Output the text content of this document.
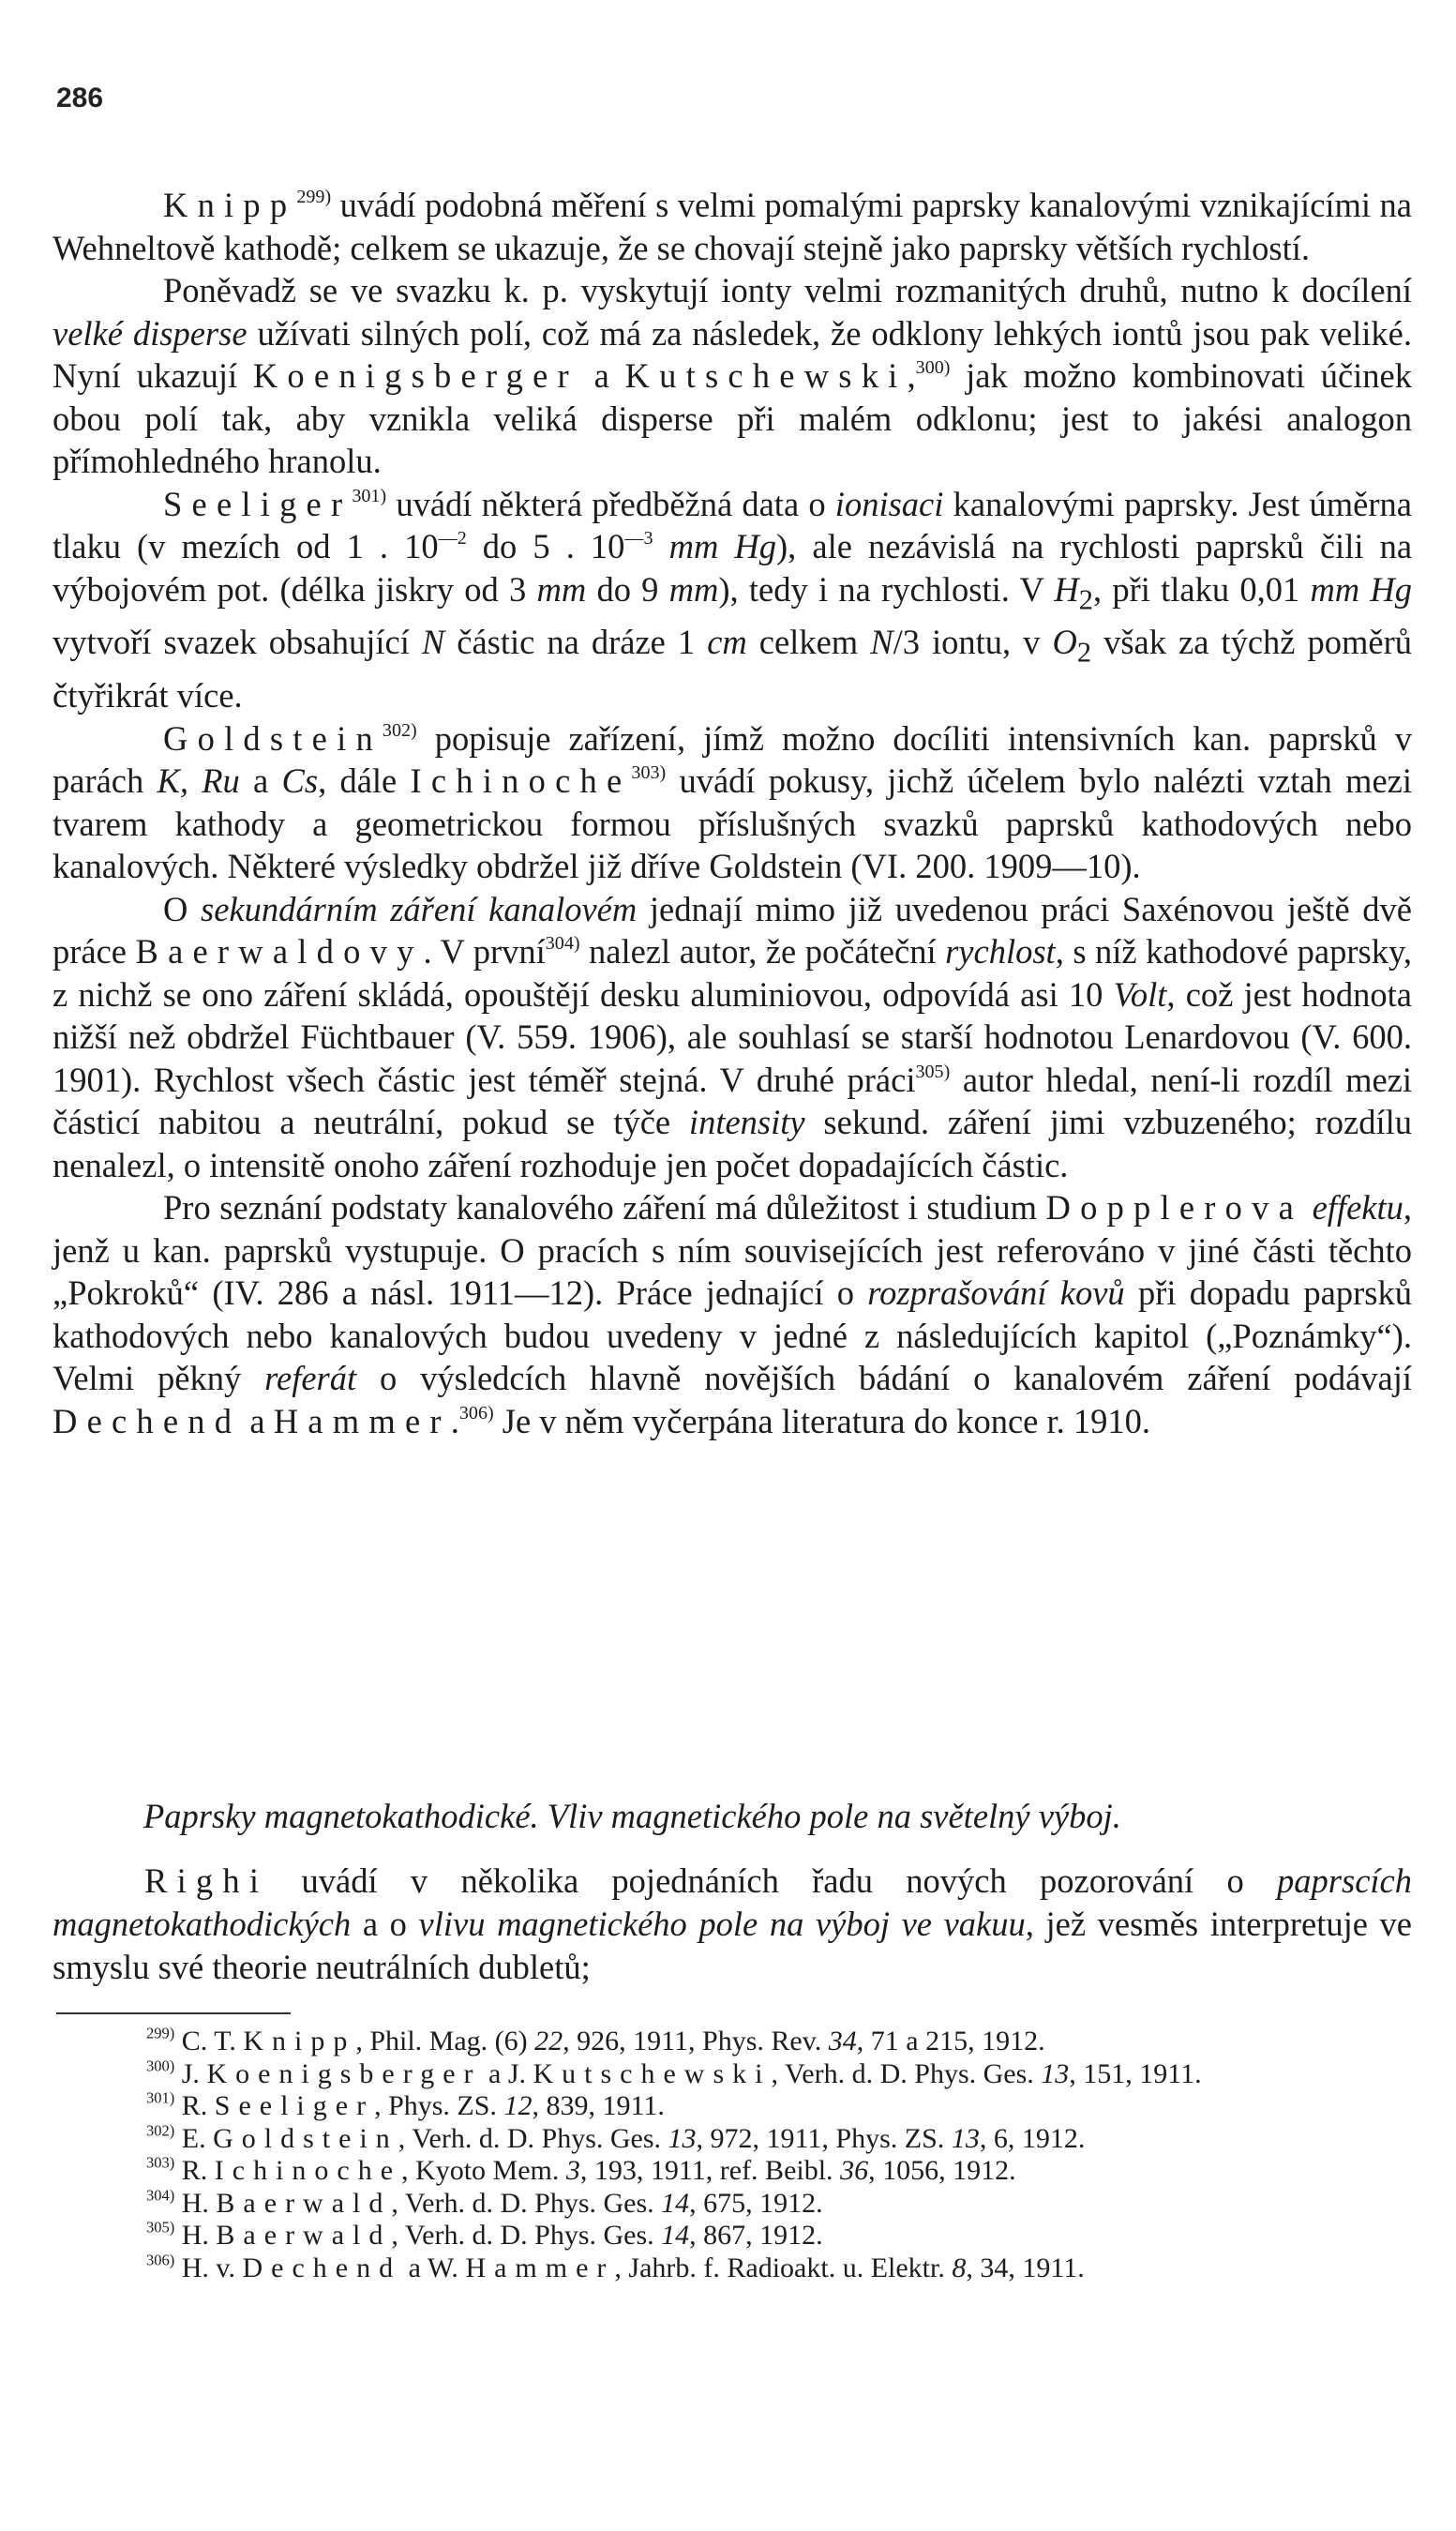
286

Knipp$^{299)}$ uvádí podobná měření s velmi pomalými paprsky kanalovými vznikajícími na Wehneltově kathodě; celkem se ukazuje, že se chovají stejně jako paprsky větších rychlostí.

Poněvadž se ve svazku k. p. vyskytují ionty velmi rozmanitých druhů, nutno k docílení velké disperse užívati silných polí, což má za následek, že odklony lehkých iontů jsou pak veliké. Nyní ukazují Koenigsberger a Kutschewski,$^{300)}$ jak možno kombinovati účinek obou polí tak, aby vznikla veliká disperse při malém odklonu; jest to jakési analogon přímohledného hranolu.

Seeliger$^{301)}$ uvádí některá předběžná data o ionisaci kanalovými paprsky. Jest úměrna tlaku (v mezích od 1 . $10^{—2}$ do 5 . $10^{—3}$ mm Hg), ale nezávislá na rychlosti paprsků čili na výbojovém pot. (délka jiskry od 3 mm do 9 mm), tedy i na rychlosti. V $H_2$, při tlaku 0,01 mm Hg vytvoří svazek obsahující N částic na dráze 1 cm celkem N/3 iontu, v $O_2$ však za týchž poměrů čtyřikrát více.

Goldstein$^{302)}$ popisuje zařízení, jímž možno docíliti intensivních kan. paprsků v parách K, Ru a Cs, dále Ichinoche$^{303)}$ uvádí pokusy, jichž účelem bylo nalézti vztah mezi tvarem kathody a geometrickou formou příslušných svazků paprsků kathodových nebo kanalových. Některé výsledky obdržel již dříve Goldstein (VI. 200. 1909—10).

O sekundárním záření kanalovém jednají mimo již uvedenou práci Saxénovou ještě dvě práce Baerwaldovy. V první$^{304)}$ nalezl autor, že počáteční rychlost, s níž kathodové paprsky, z nichž se ono záření skládá, opouštějí desku aluminiovou, odpovídá asi 10 Volt, což jest hodnota nižší než obdržel Füchtbauer (V. 559. 1906), ale souhlasí se starší hodnotou Lenardovou (V. 600. 1901). Rychlost všech částic jest téměř stejná. V druhé práci$^{305)}$ autor hledal, není-li rozdíl mezi částicí nabitou a neutrální, pokud se týče intensity sekund. záření jimi vzbuzeného; rozdílu nenalezl, o intensitě onoho záření rozhoduje jen počet dopadajících částic.

Pro seznání podstaty kanalového záření má důležitost i studium Dopplerova effektu, jenž u kan. paprsků vystupuje. O pracích s ním souvisejících jest referováno v jiné části těchto „Pokroků“ (IV. 286 a násl. 1911—12). Práce jednající o rozprašování kovů při dopadu paprsků kathodových nebo kanalových budou uvedeny v jedné z následujících kapitol („Poznámky“). Velmi pěkný referát o výsledcích hlavně novějších bádání o kanalovém záření podávají Dechend a Hammer.$^{306)}$ Je v něm vyčerpána literatura do konce r. 1910.

Paprsky magnetokathodické. Vliv magnetického pole na světelný výboj.

Righi uvádí v několika pojednáních řadu nových pozorování o paprscích magnetokathodických a o vlivu magnetického pole na výboj ve vakuu, jež vesměs interpretuje ve smyslu své theorie neutrálních dubletů;

$^{299)}$ C. T. Knipp, Phil. Mag. (6) 22, 926, 1911, Phys. Rev. 34, 71 a 215, 1912.

$^{300)}$ J. Koenigsberger a J. Kutschewski, Verh. d. D. Phys. Ges. 13, 151, 1911.

$^{301)}$ R. Seeliger, Phys. ZS. 12, 839, 1911.

$^{302)}$ E. Goldstein, Verh. d. D. Phys. Ges. 13, 972, 1911, Phys. ZS. 13, 6, 1912.

$^{303)}$ R. Ichinoche, Kyoto Mem. 3, 193, 1911, ref. Beibl. 36, 1056, 1912.

$^{304)}$ H. Baerwald, Verh. d. D. Phys. Ges. 14, 675, 1912.

$^{305)}$ H. Baerwald, Verh. d. D. Phys. Ges. 14, 867, 1912.

$^{306)}$ H. v. Dechend a W. Hammer, Jahrb. f. Radioakt. u. Elektr. 8, 34, 1911.
